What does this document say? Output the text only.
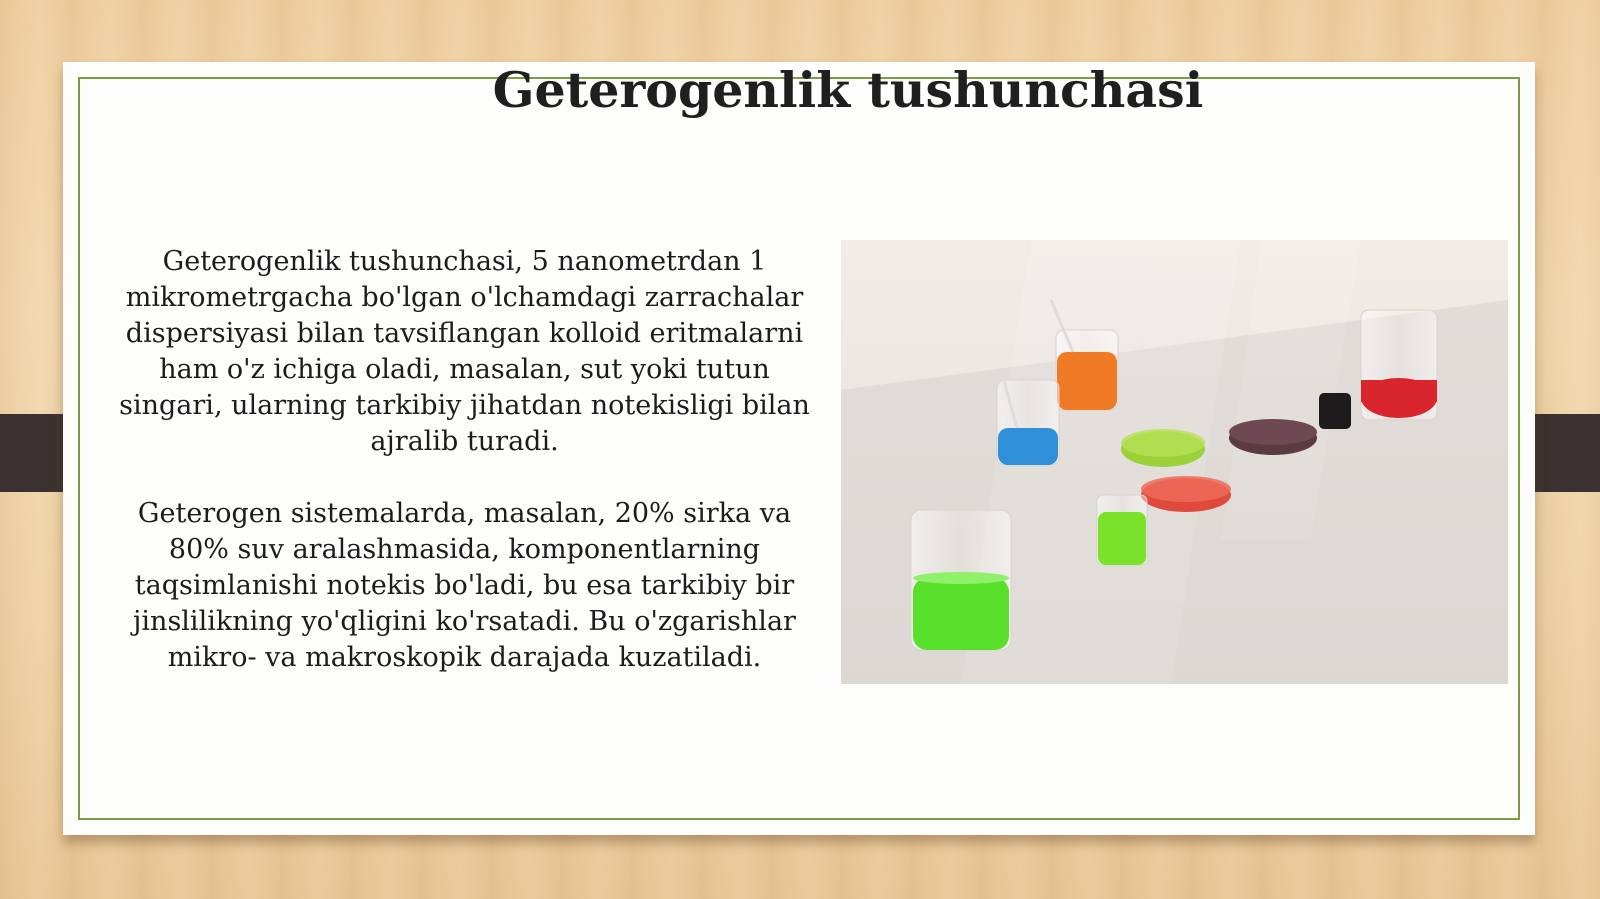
Geterogenlik tushunchasi

Geterogenlik tushunchasi, 5 nanometrdan 1 mikrometrgacha bo'lgan o'lchamdagi zarrachalar dispersiyasi bilan tavsiflangan kolloid eritmalarni ham o'z ichiga oladi, masalan, sut yoki tutun singari, ularning tarkibiy jihatdan notekisligi bilan ajralib turadi.

Geterogen sistemalarda, masalan, 20% sirka va 80% suv aralashmasida, komponentlarning taqsimlanishi notekis bo'ladi, bu esa tarkibiy bir jinslilikning yo'qligini ko'rsatadi. Bu o'zgarishlar mikro- va makroskopik darajada kuzatiladi.
